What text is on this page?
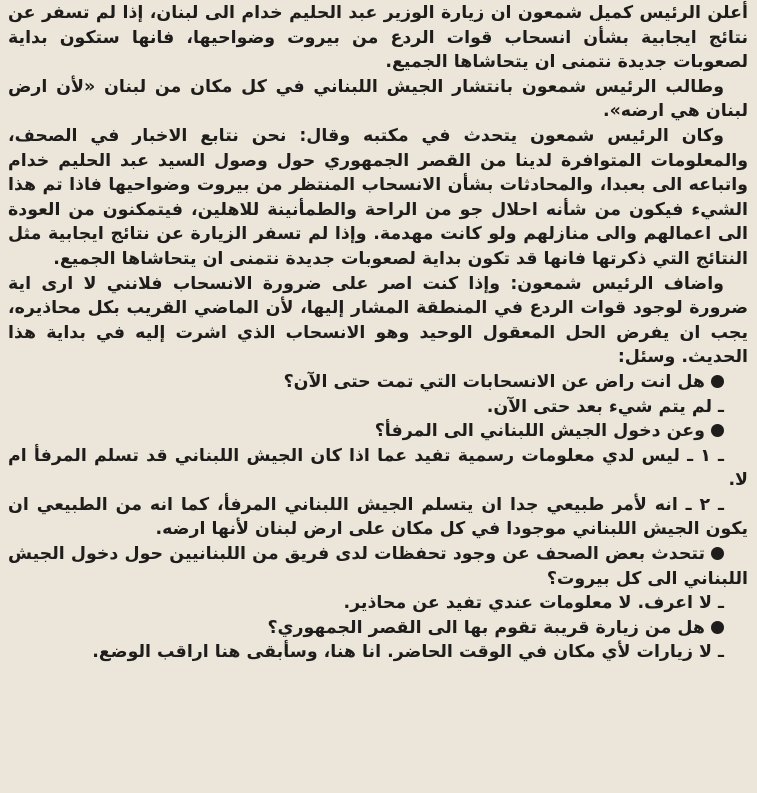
أعلن الرئيس كميل شمعون ان زيارة الوزير عبد الحليم خدام الى لبنان، إذا لم تسفر عن نتائج ايجابية بشأن انسحاب قوات الردع من بيروت وضواحيها، فانها ستكون بداية لصعوبات جديدة نتمنى ان يتحاشاها الجميع.

وطالب الرئيس شمعون بانتشار الجيش اللبناني في كل مكان من لبنان «لأن ارض لبنان هي ارضه».

وكان الرئيس شمعون يتحدث في مكتبه وقال: نحن نتابع الاخبار في الصحف، والمعلومات المتوافرة لدينا من القصر الجمهوري حول وصول السيد عبد الحليم خدام واتباعه الى بعبدا، والمحادثات بشأن الانسحاب المنتظر من بيروت وضواحيها فاذا تم هذا الشيء فيكون من شأنه احلال جو من الراحة والطمأنينة للاهلين، فيتمكنون من العودة الى اعمالهم والى منازلهم ولو كانت مهدمة. وإذا لم تسفر الزيارة عن نتائج ايجابية مثل النتائج التي ذكرتها فانها قد تكون بداية لصعوبات جديدة نتمنى ان يتحاشاها الجميع.

واضاف الرئيس شمعون: وإذا كنت اصر على ضرورة الانسحاب فلانني لا ارى اية ضرورة لوجود قوات الردع في المنطقة المشار إليها، لأن الماضي القريب بكل محاذيره، يجب ان يفرض الحل المعقول الوحيد وهو الانسحاب الذي اشرت إليه في بداية هذا الحديث. وسئل:

هل انت راض عن الانسحابات التي تمت حتى الآن؟

ـ لم يتم شيء بعد حتى الآن.

وعن دخول الجيش اللبناني الى المرفأ؟

ـ ١ ـ ليس لدي معلومات رسمية تفيد عما اذا كان الجيش اللبناني قد تسلم المرفأ ام لا.

ـ ٢ ـ انه لأمر طبيعي جدا ان يتسلم الجيش اللبناني المرفأ، كما انه من الطبيعي ان يكون الجيش اللبناني موجودا في كل مكان على ارض لبنان لأنها ارضه.

تتحدث بعض الصحف عن وجود تحفظات لدى فريق من اللبنانيين حول دخول الجيش اللبناني الى كل بيروت؟

ـ لا اعرف. لا معلومات عندي تفيد عن محاذير.

هل من زيارة قريبة تقوم بها الى القصر الجمهوري؟

ـ لا زيارات لأي مكان في الوقت الحاضر. انا هنا، وسأبقى هنا اراقب الوضع.
